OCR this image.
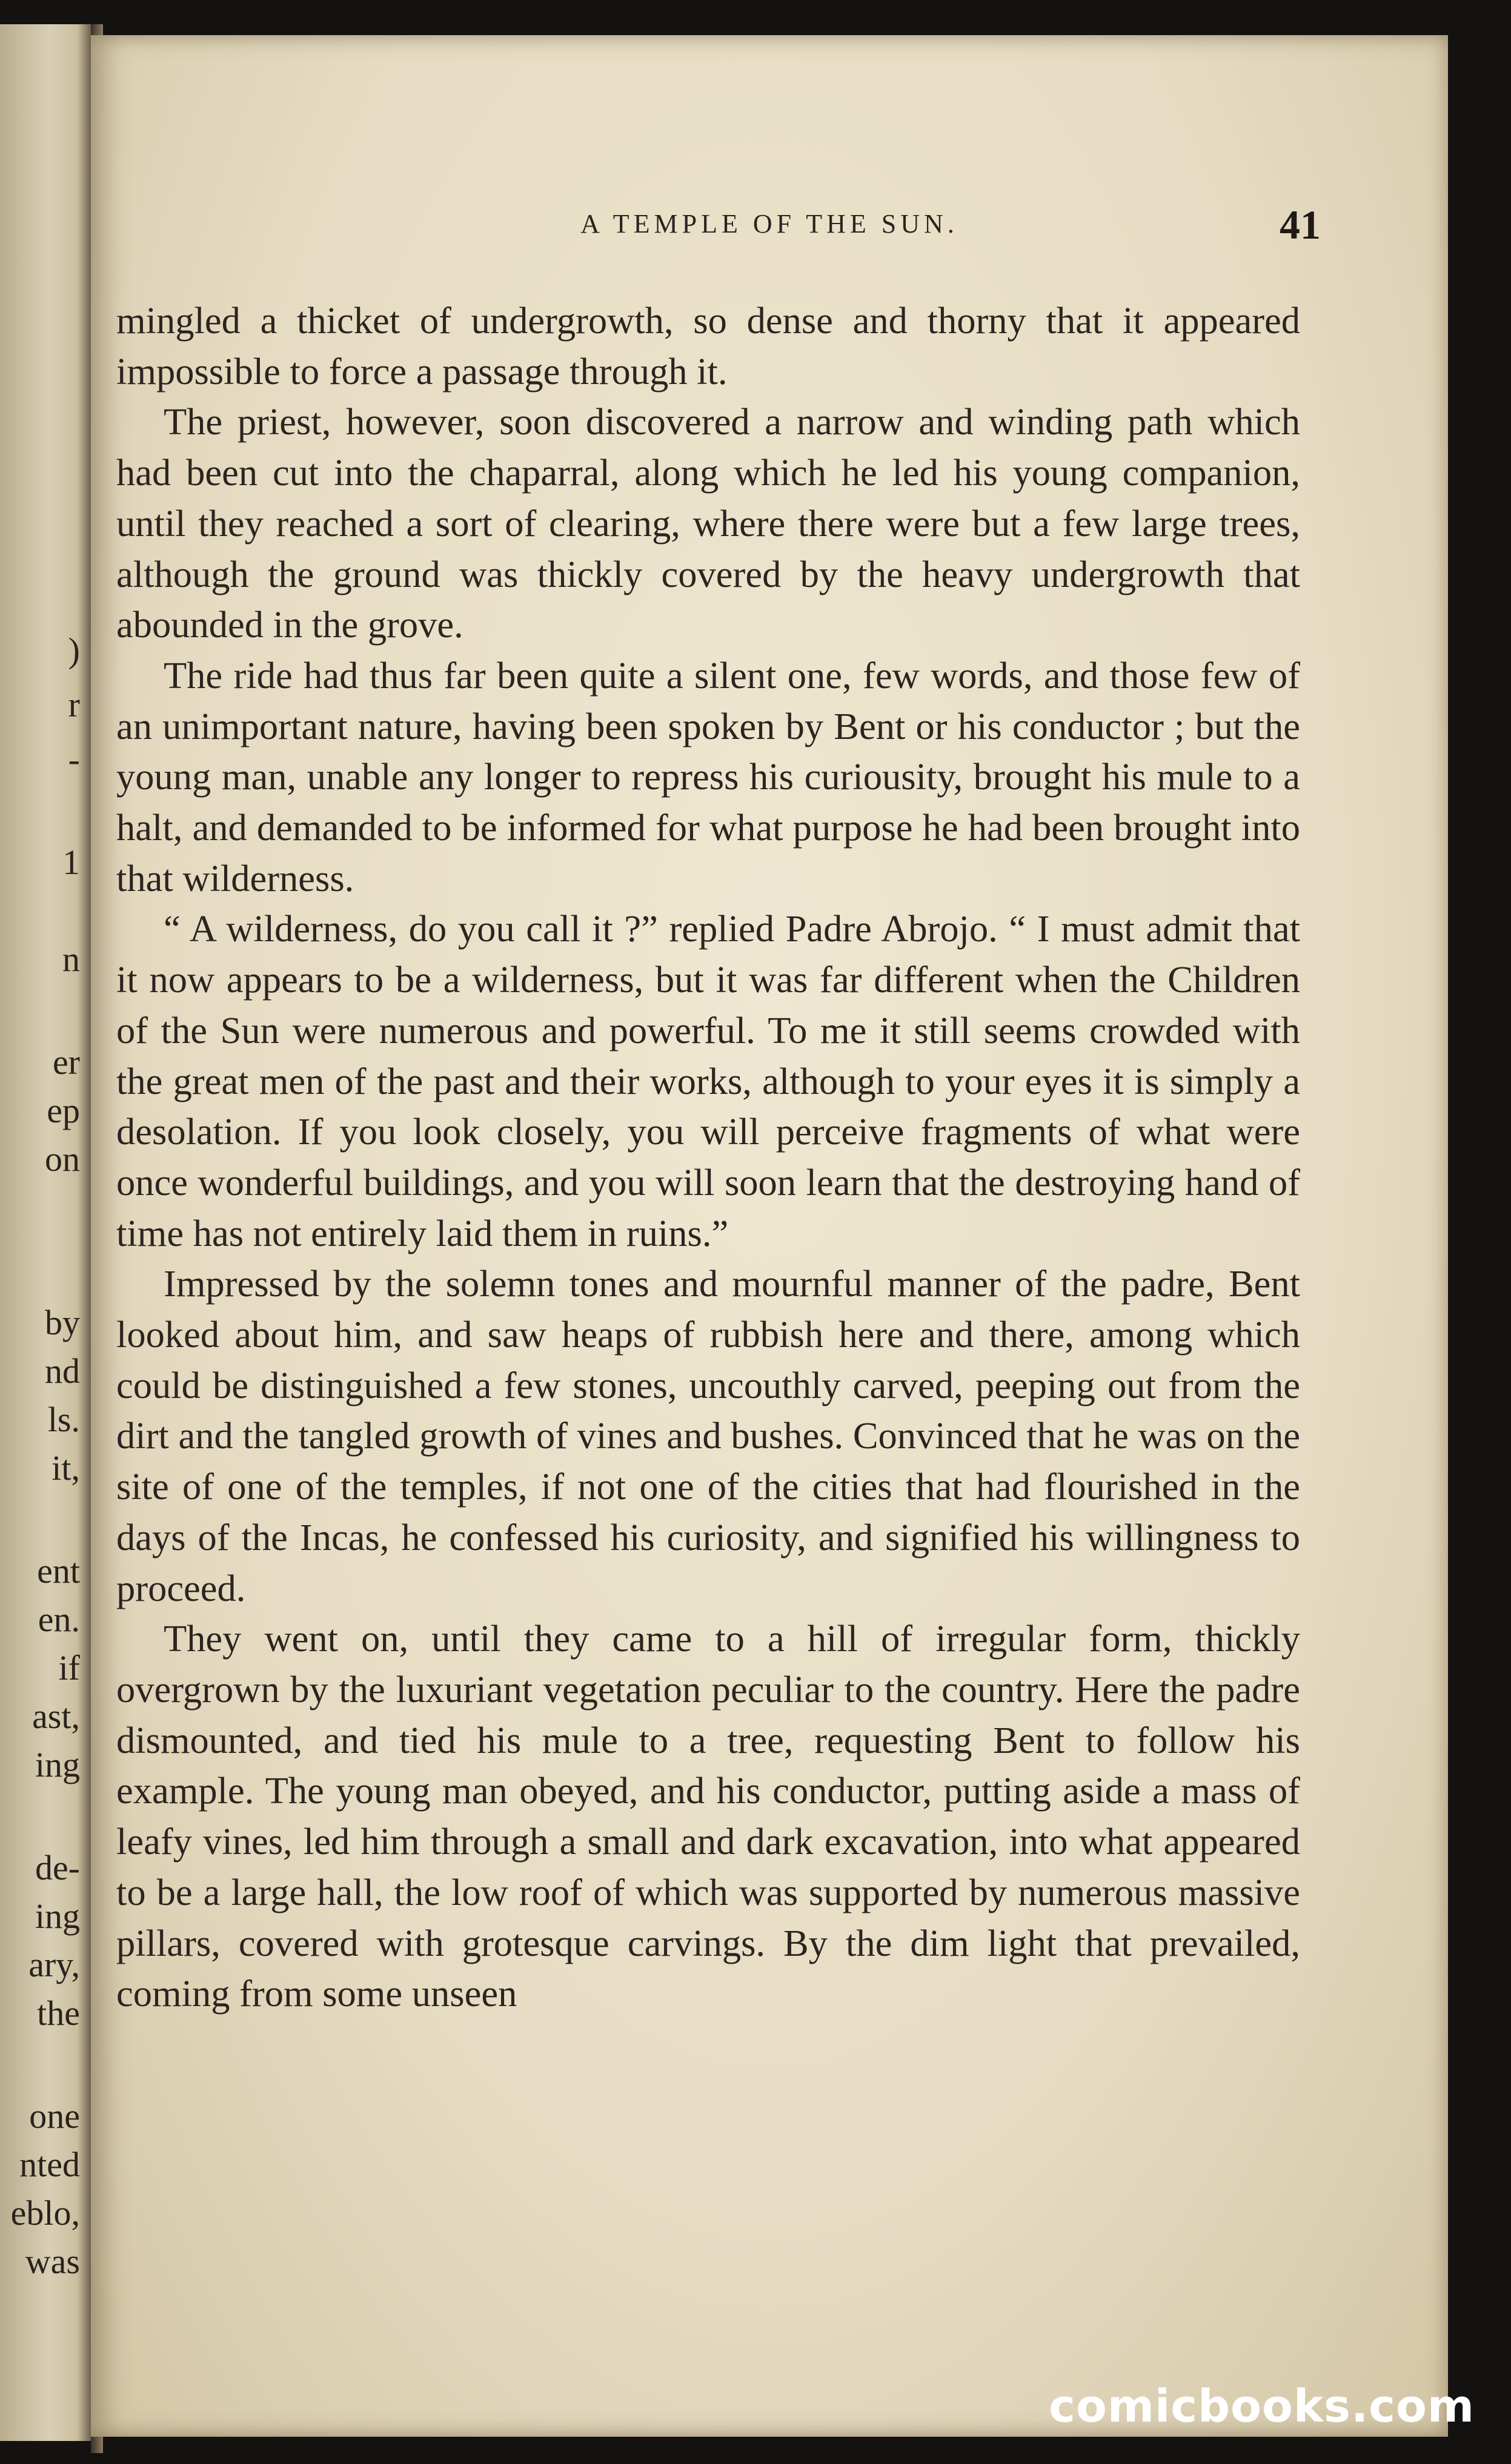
)
r
-
1
n
er
ep
on
by
nd
ls.
it,
ent
en.
if
ast,
ing
de-
ing
ary,
the
one
nted
eblo,
was
A TEMPLE OF THE SUN.	41

mingled a thicket of undergrowth, so dense and thorny that it appeared impossible to force a passage through it.

The priest, however, soon discovered a narrow and winding path which had been cut into the chaparral, along which he led his young companion, until they reached a sort of clearing, where there were but a few large trees, although the ground was thickly covered by the heavy undergrowth that abounded in the grove.

The ride had thus far been quite a silent one, few words, and those few of an unimportant nature, having been spoken by Bent or his conductor ; but the young man, unable any longer to repress his curiousity, brought his mule to a halt, and demanded to be informed for what purpose he had been brought into that wilderness.

“ A wilderness, do you call it ?” replied Padre Abrojo. “ I must admit that it now appears to be a wilderness, but it was far different when the Children of the Sun were numerous and powerful. To me it still seems crowded with the great men of the past and their works, although to your eyes it is simply a desolation. If you look closely, you will perceive fragments of what were once wonderful buildings, and you will soon learn that the destroying hand of time has not entirely laid them in ruins.”

Impressed by the solemn tones and mournful manner of the padre, Bent looked about him, and saw heaps of rubbish here and there, among which could be distinguished a few stones, uncouthly carved, peeping out from the dirt and the tangled growth of vines and bushes. Convinced that he was on the site of one of the temples, if not one of the cities that had flourished in the days of the Incas, he confessed his curiosity, and signified his willingness to proceed.

They went on, until they came to a hill of irregular form, thickly overgrown by the luxuriant vegetation peculiar to the country. Here the padre dismounted, and tied his mule to a tree, requesting Bent to follow his example. The young man obeyed, and his conductor, putting aside a mass of leafy vines, led him through a small and dark excavation, into what appeared to be a large hall, the low roof of which was supported by numerous massive pillars, covered with grotesque carvings. By the dim light that prevailed, coming from some unseen

comicbooks.com
